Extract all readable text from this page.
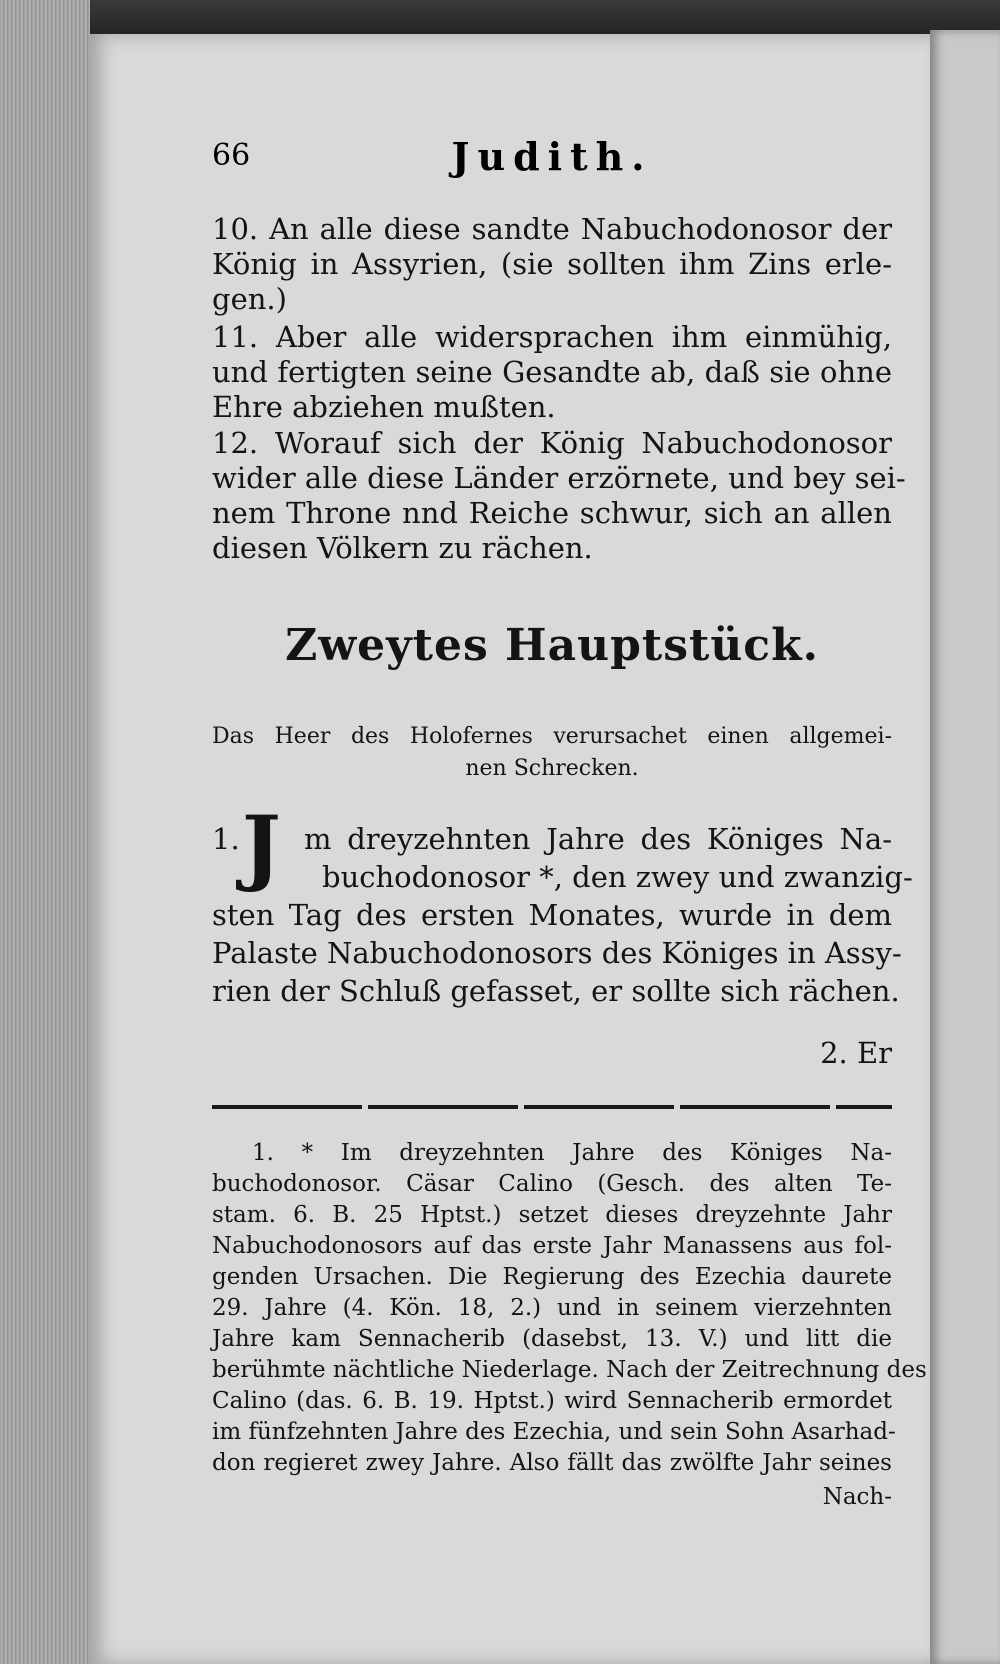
66	Judith.
10. An alle diese sandte Nabuchodonosor der
König in Assyrien, (sie sollten ihm Zins erle-
gen.)
11. Aber alle widersprachen ihm einmühig,
und fertigten seine Gesandte ab, daß sie ohne
Ehre abziehen mußten.
12. Worauf sich der König Nabuchodonosor
wider alle diese Länder erzörnete, und bey sei-
nem Throne nnd Reiche schwur, sich an allen
diesen Völkern zu rächen.
Zweytes Hauptstück.
Das Heer des Holofernes verursachet einen allgemei-
nen Schrecken.
1. J m dreyzehnten Jahre des Königes Na-
buchodonosor *, den zwey und zwanzig-
sten Tag des ersten Monates, wurde in dem
Palaste Nabuchodonosors des Königes in Assy-
rien der Schluß gefasset, er sollte sich rächen.
2. Er
1. * Im dreyzehnten Jahre des Königes Na-
buchodonosor. Cäsar Calino (Gesch. des alten Te-
stam. 6. B. 25 Hptst.) setzet dieses dreyzehnte Jahr
Nabuchodonosors auf das erste Jahr Manassens aus fol-
genden Ursachen. Die Regierung des Ezechia daurete
29. Jahre (4. Kön. 18, 2.) und in seinem vierzehnten
Jahre kam Sennacherib (dasebst, 13. V.) und litt die
berühmte nächtliche Niederlage. Nach der Zeitrechnung des
Calino (das. 6. B. 19. Hptst.) wird Sennacherib ermordet
im fünfzehnten Jahre des Ezechia, und sein Sohn Asarhad-
don regieret zwey Jahre. Also fällt das zwölfte Jahr seines
Nach-
